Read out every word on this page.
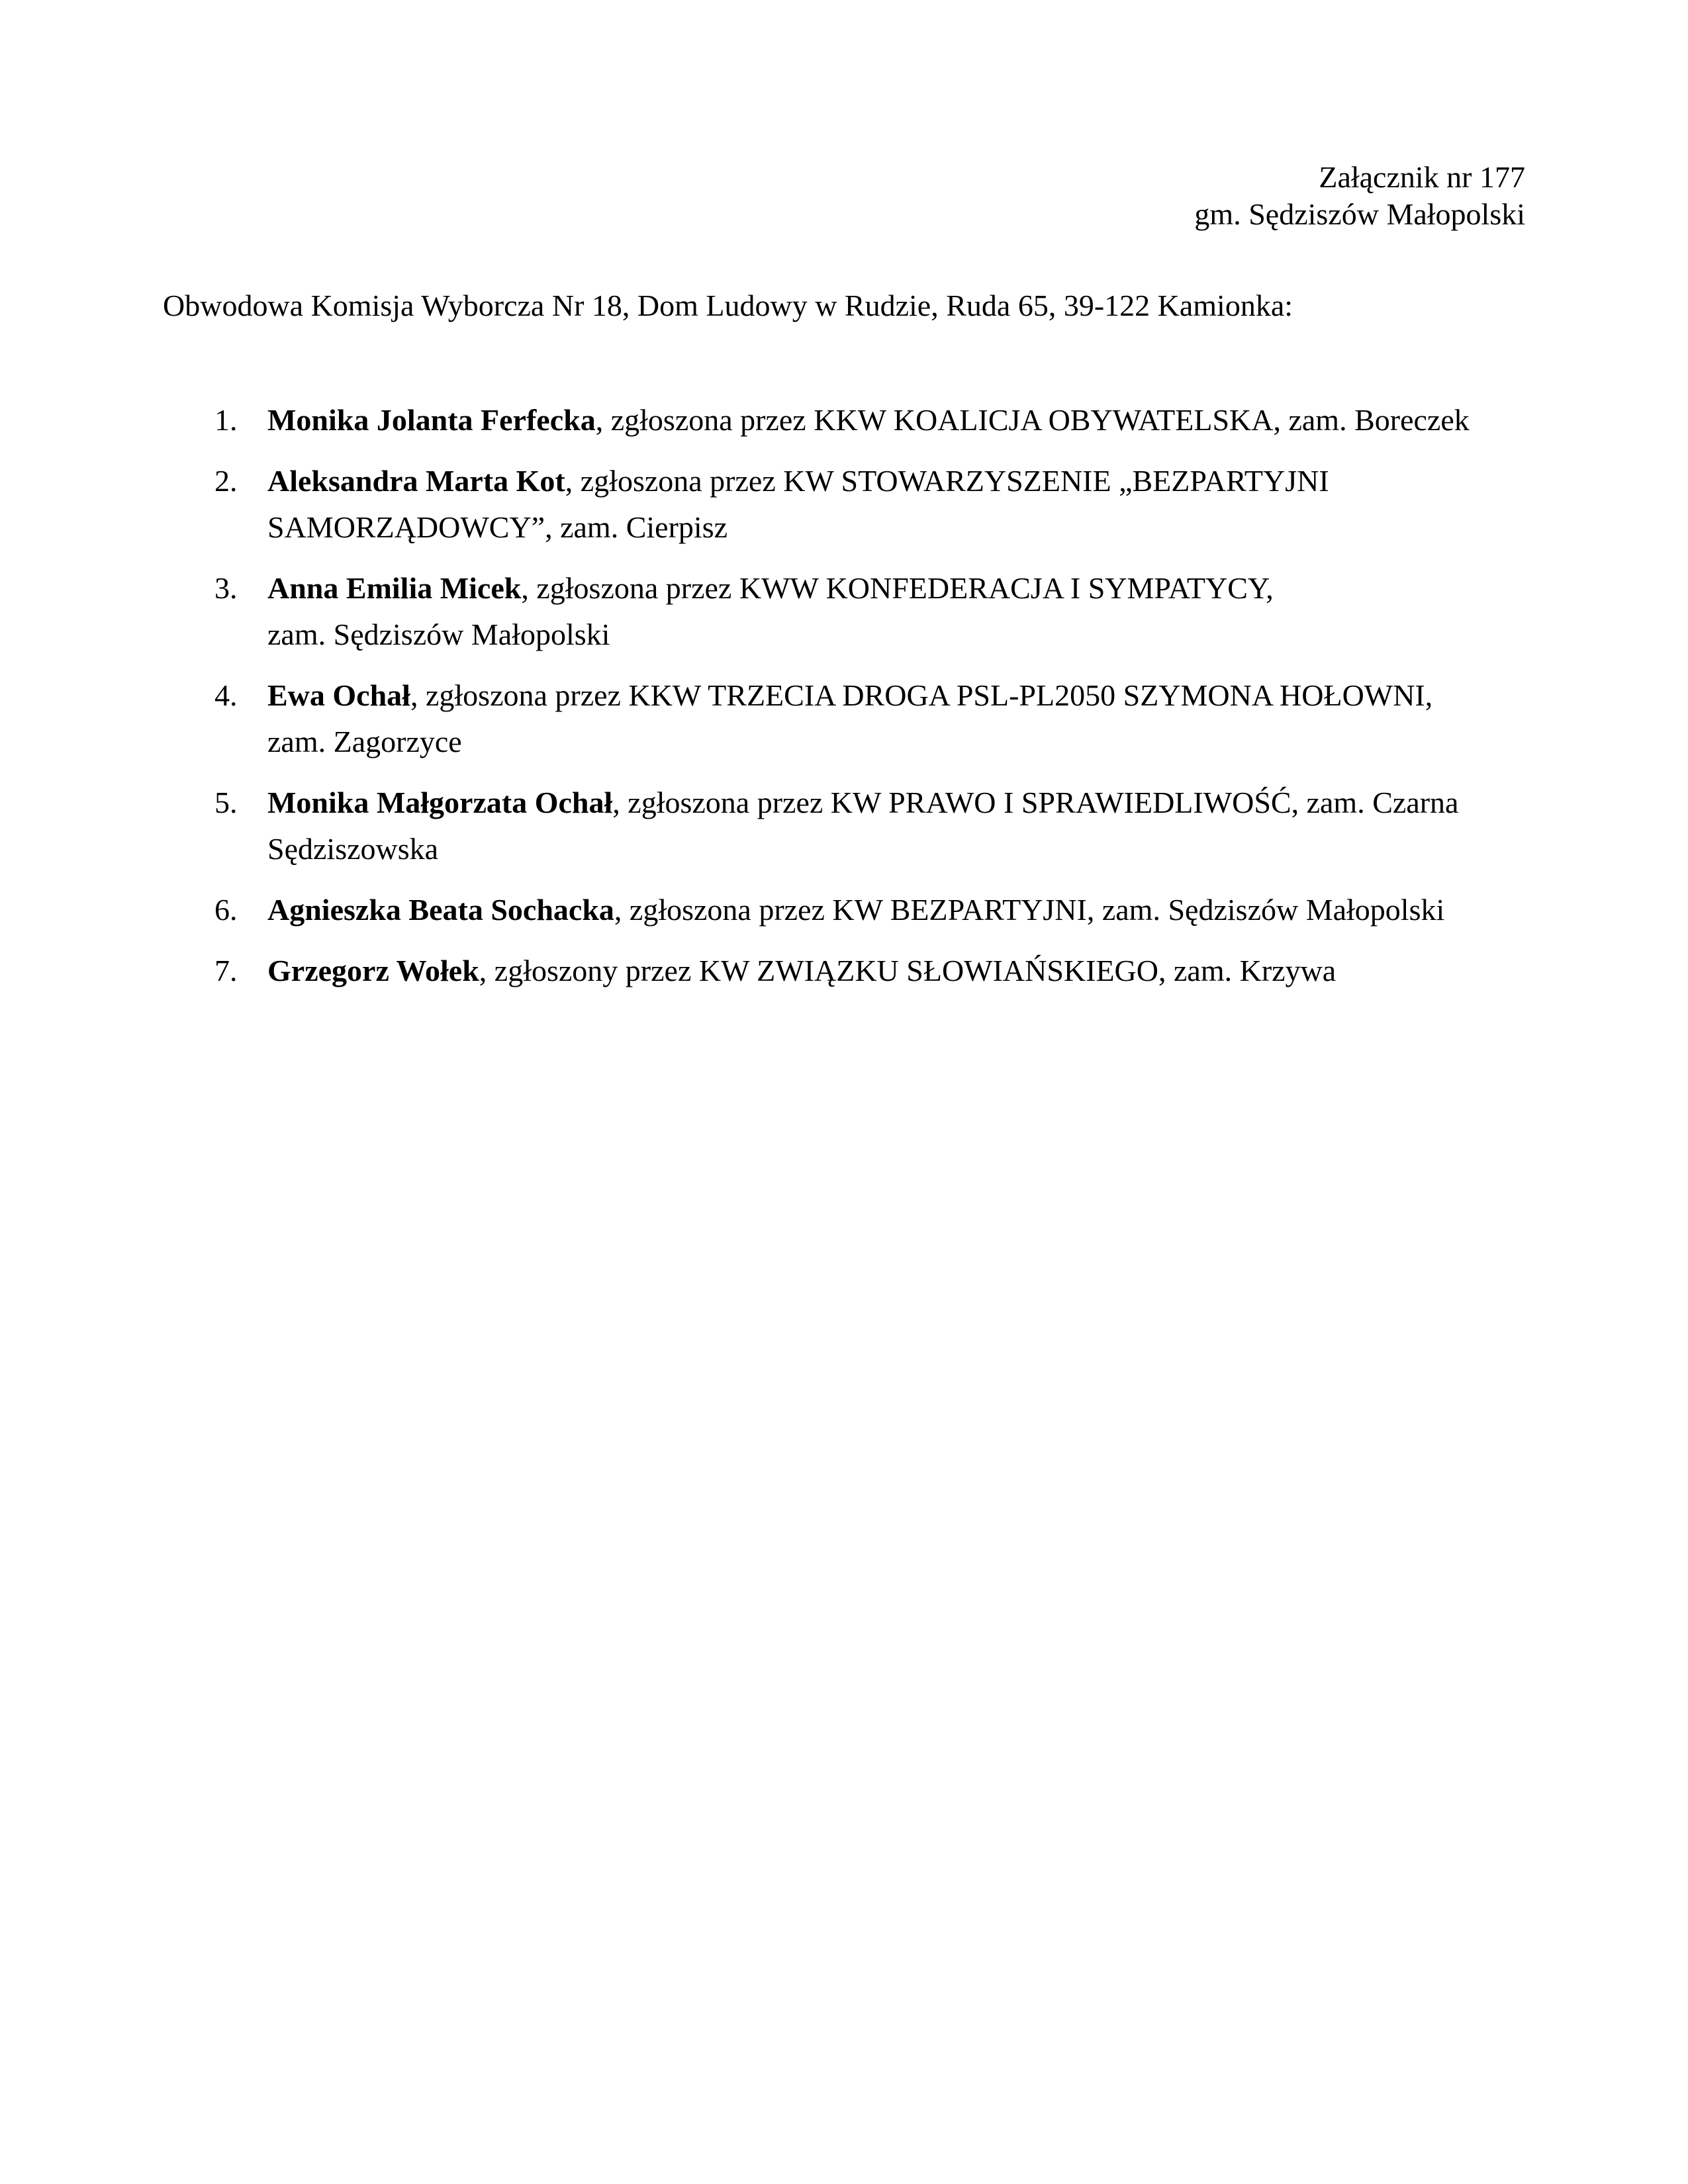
Załącznik nr 177
gm. Sędziszów Małopolski
Obwodowa Komisja Wyborcza Nr 18, Dom Ludowy w Rudzie, Ruda 65, 39-122 Kamionka:
1. Monika Jolanta Ferfecka, zgłoszona przez KKW KOALICJA OBYWATELSKA, zam. Boreczek
2. Aleksandra Marta Kot, zgłoszona przez KW STOWARZYSZENIE „BEZPARTYJNI
SAMORZĄDOWCY”, zam. Cierpisz
3. Anna Emilia Micek, zgłoszona przez KWW KONFEDERACJA I SYMPATYCY,
zam. Sędziszów Małopolski
4. Ewa Ochał, zgłoszona przez KKW TRZECIA DROGA PSL-PL2050 SZYMONA HOŁOWNI,
zam. Zagorzyce
5. Monika Małgorzata Ochał, zgłoszona przez KW PRAWO I SPRAWIEDLIWOŚĆ, zam. Czarna
Sędziszowska
6. Agnieszka Beata Sochacka, zgłoszona przez KW BEZPARTYJNI, zam. Sędziszów Małopolski
7. Grzegorz Wołek, zgłoszony przez KW ZWIĄZKU SŁOWIAŃSKIEGO, zam. Krzywa
